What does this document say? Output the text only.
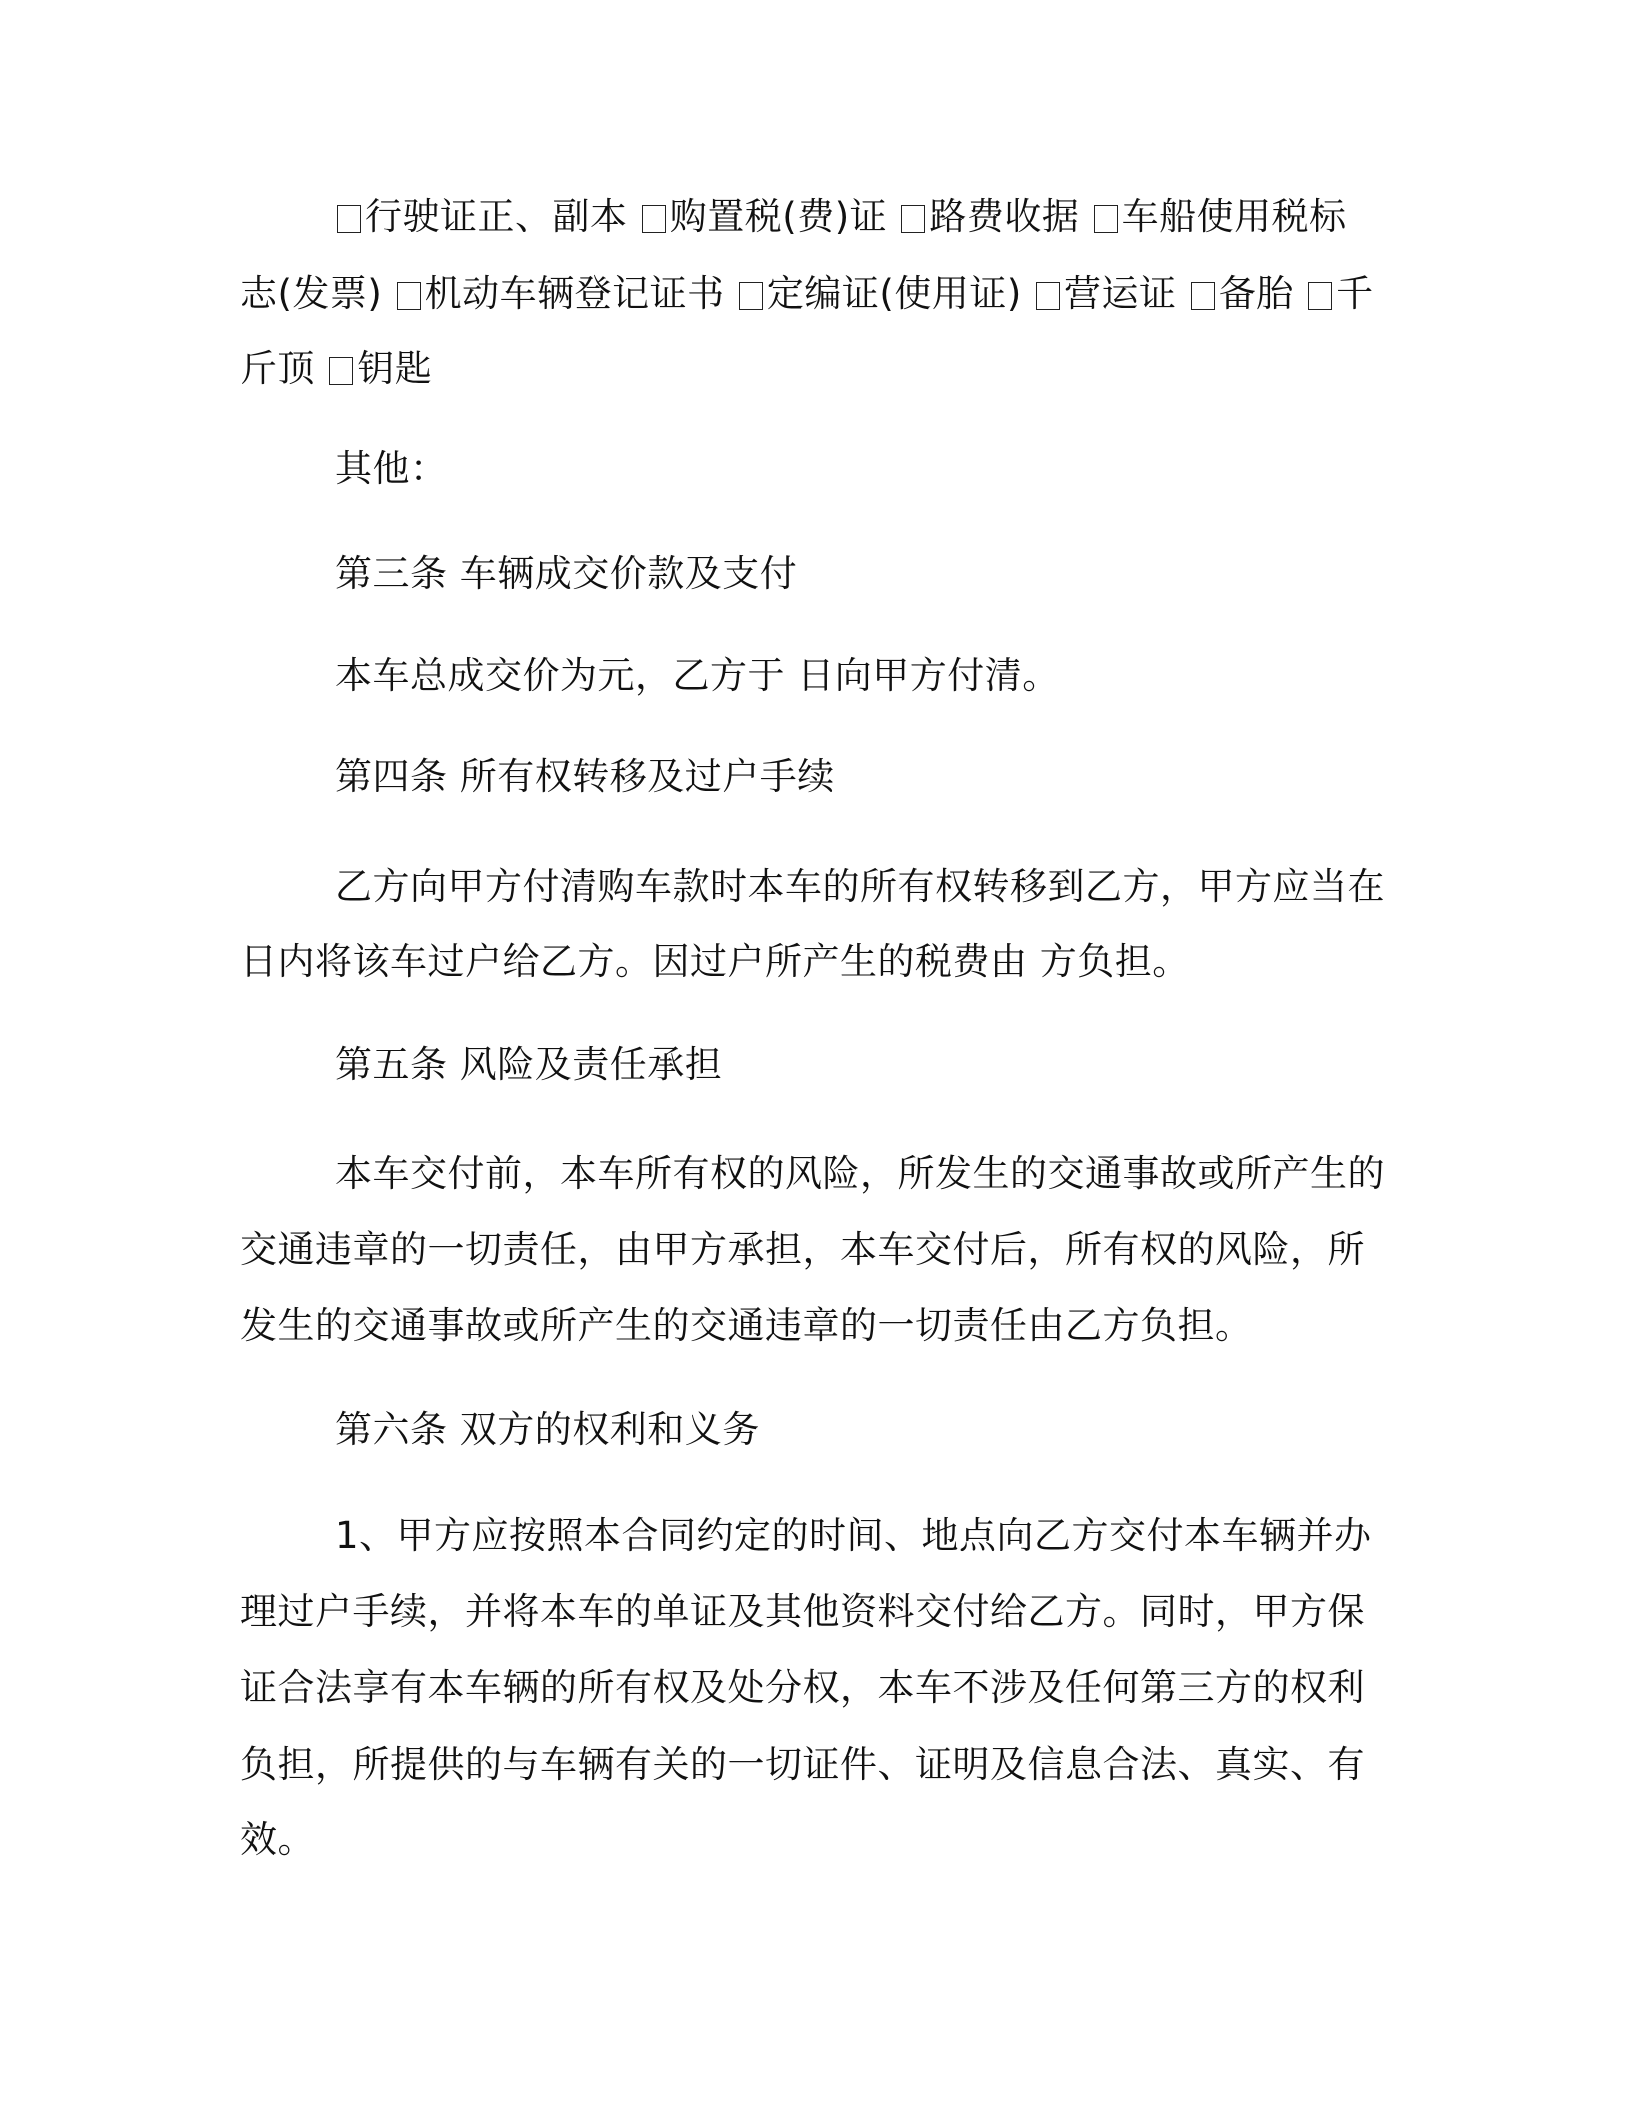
行驶证正、副本 购置税(费)证 路费收据 车船使用税标
志(发票) 机动车辆登记证书 定编证(使用证) 营运证 备胎 千
斤顶 钥匙
其他：
第三条 车辆成交价款及支付
本车总成交价为元，乙方于 日向甲方付清。
第四条 所有权转移及过户手续
乙方向甲方付清购车款时本车的所有权转移到乙方，甲方应当在
日内将该车过户给乙方。因过户所产生的税费由 方负担。
第五条 风险及责任承担
本车交付前，本车所有权的风险，所发生的交通事故或所产生的
交通违章的一切责任，由甲方承担，本车交付后，所有权的风险，所
发生的交通事故或所产生的交通违章的一切责任由乙方负担。
第六条 双方的权利和义务
1、甲方应按照本合同约定的时间、地点向乙方交付本车辆并办
理过户手续，并将本车的单证及其他资料交付给乙方。同时，甲方保
证合法享有本车辆的所有权及处分权，本车不涉及任何第三方的权利
负担，所提供的与车辆有关的一切证件、证明及信息合法、真实、有
效。
